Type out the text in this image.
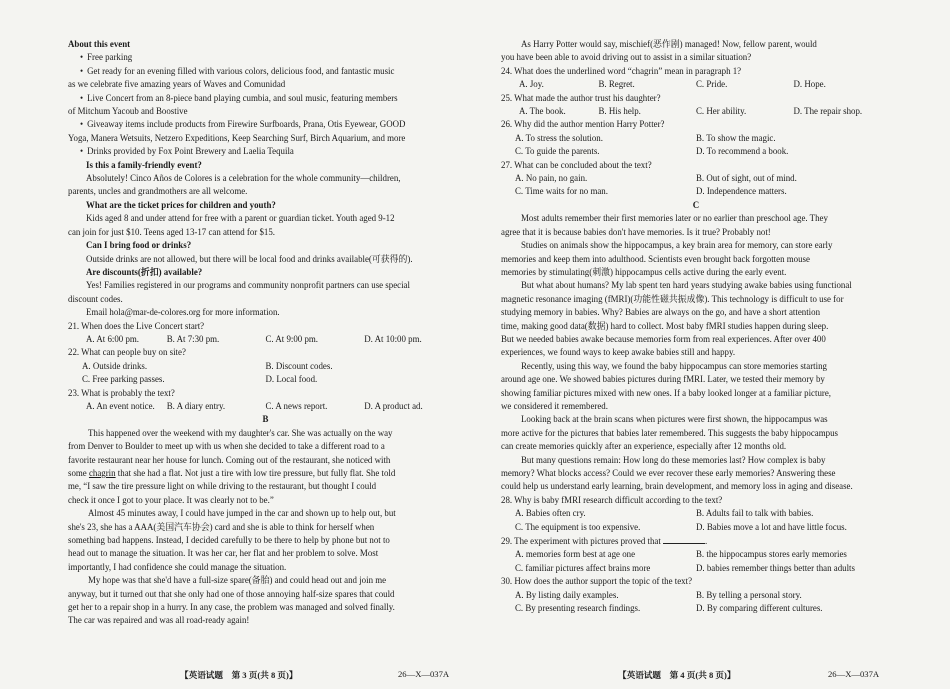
About this event
• Free parking
• Get ready for an evening filled with various colors, delicious food, and fantastic music
as we celebrate five amazing years of Waves and Comunidad
• Live Concert from an 8-piece band playing cumbia, and soul music, featuring members
of Mitchum Yacoub and Boostive
• Giveaway items include products from Firewire Surfboards, Prana, Otis Eyewear, GOOD
Yoga, Manera Wetsuits, Netzero Expeditions, Keep Searching Surf, Birch Aquarium, and more
• Drinks provided by Fox Point Brewery and Laelia Tequila
Is this a family-friendly event?
Absolutely! Cinco Años de Colores is a celebration for the whole community—children,
parents, uncles and grandmothers are all welcome.
What are the ticket prices for children and youth?
Kids aged 8 and under attend for free with a parent or guardian ticket. Youth aged 9-12
can join for just $10. Teens aged 13-17 can attend for $15.
Can I bring food or drinks?
Outside drinks are not allowed, but there will be local food and drinks available(可获得的).
Are discounts(折扣) available?
Yes! Families registered in our programs and community nonprofit partners can use special
discount codes.
Email hola@mar-de-colores.org for more information.
21. When does the Live Concert start?
A. At 6:00 pm.	B. At 7:30 pm.	C. At 9:00 pm.	D. At 10:00 pm.
22. What can people buy on site?
A. Outside drinks.	B. Discount codes.
C. Free parking passes.	D. Local food.
23. What is probably the text?
A. An event notice.	B. A diary entry.	C. A news report.	D. A product ad.
B
This happened over the weekend with my daughter's car. She was actually on the way
from Denver to Boulder to meet up with us when she decided to take a different road to a
favorite restaurant near her house for lunch. Coming out of the restaurant, she noticed with
some chagrin that she had a flat. Not just a tire with low tire pressure, but fully flat. She told
me, “I saw the tire pressure light on while driving to the restaurant, but thought I could
check it once I got to your place. It was clearly not to be.”
Almost 45 minutes away, I could have jumped in the car and shown up to help out, but
she's 23, she has a AAA(美国汽车协会) card and she is able to think for herself when
something bad happens. Instead, I decided carefully to be there to help by phone but not to
head out to manage the situation. It was her car, her flat and her problem to solve. Most
importantly, I had confidence she could manage the situation.
My hope was that she'd have a full-size spare(备胎) and could head out and join me
anyway, but it turned out that she only had one of those annoying half-size spares that could
get her to a repair shop in a hurry. In any case, the problem was managed and solved finally.
The car was repaired and was all road-ready again!
【英语试题　第 3 页(共 8 页)】	26—X—037A
As Harry Potter would say, mischief(恶作剧) managed! Now, fellow parent, would
you have been able to avoid driving out to assist in a similar situation?
24. What does the underlined word “chagrin” mean in paragraph 1?
A. Joy.	B. Regret.	C. Pride.	D. Hope.
25. What made the author trust his daughter?
A. The book.	B. His help.	C. Her ability.	D. The repair shop.
26. Why did the author mention Harry Potter?
A. To stress the solution.	B. To show the magic.
C. To guide the parents.	D. To recommend a book.
27. What can be concluded about the text?
A. No pain, no gain.	B. Out of sight, out of mind.
C. Time waits for no man.	D. Independence matters.
C
Most adults remember their first memories later or no earlier than preschool age. They
agree that it is because babies don't have memories. Is it true? Probably not!
Studies on animals show the hippocampus, a key brain area for memory, can store early
memories and keep them into adulthood. Scientists even brought back forgotten mouse
memories by stimulating(刺激) hippocampus cells active during the early event.
But what about humans? My lab spent ten hard years studying awake babies using functional
magnetic resonance imaging (fMRI)(功能性磁共振成像). This technology is difficult to use for
studying memory in babies. Why? Babies are always on the go, and have a short attention
time, making good data(数据) hard to collect. Most baby fMRI studies happen during sleep.
But we needed babies awake because memories form from real experiences. After over 400
experiences, we found ways to keep awake babies still and happy.
Recently, using this way, we found the baby hippocampus can store memories starting
around age one. We showed babies pictures during fMRI. Later, we tested their memory by
showing familiar pictures mixed with new ones. If a baby looked longer at a familiar picture,
we considered it remembered.
Looking back at the brain scans when pictures were first shown, the hippocampus was
more active for the pictures that babies later remembered. This suggests the baby hippocampus
can create memories quickly after an experience, especially after 12 months old.
But many questions remain: How long do these memories last? How complex is baby
memory? What blocks access? Could we ever recover these early memories? Answering these
could help us understand early learning, brain development, and memory loss in aging and disease.
28. Why is baby fMRI research difficult according to the text?
A. Babies often cry.	B. Adults fail to talk with babies.
C. The equipment is too expensive.	D. Babies move a lot and have little focus.
29. The experiment with pictures proved that	.
A. memories form best at age one	B. the hippocampus stores early memories
C. familiar pictures affect brains more	D. babies remember things better than adults
30. How does the author support the topic of the text?
A. By listing daily examples.	B. By telling a personal story.
C. By presenting research findings.	D. By comparing different cultures.
【英语试题　第 4 页(共 8 页)】	26—X—037A
